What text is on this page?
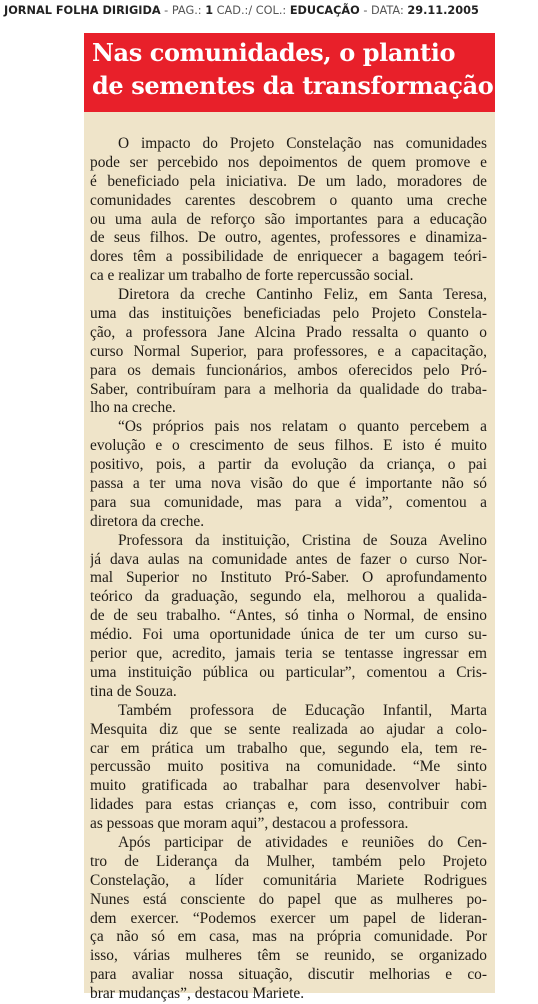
JORNAL FOLHA DIRIGIDA - PAG.: 1 CAD.:/ COL.: EDUCAÇÃO - DATA: 29.11.2005
Nas comunidades, o plantio
de sementes da transformação
O impacto do Projeto Constelação nas comunidades
pode ser percebido nos depoimentos de quem promove e
é beneficiado pela iniciativa. De um lado, moradores de
comunidades carentes descobrem o quanto uma creche
ou uma aula de reforço são importantes para a educação
de seus filhos. De outro, agentes, professores e dinamiza-
dores têm a possibilidade de enriquecer a bagagem teóri-
ca e realizar um trabalho de forte repercussão social.
Diretora da creche Cantinho Feliz, em Santa Teresa,
uma das instituições beneficiadas pelo Projeto Constela-
ção, a professora Jane Alcina Prado ressalta o quanto o
curso Normal Superior, para professores, e a capacitação,
para os demais funcionários, ambos oferecidos pelo Pró-
Saber, contribuíram para a melhoria da qualidade do traba-
lho na creche.
“Os próprios pais nos relatam o quanto percebem a
evolução e o crescimento de seus filhos. E isto é muito
positivo, pois, a partir da evolução da criança, o pai
passa a ter uma nova visão do que é importante não só
para sua comunidade, mas para a vida”, comentou a
diretora da creche.
Professora da instituição, Cristina de Souza Avelino
já dava aulas na comunidade antes de fazer o curso Nor-
mal Superior no Instituto Pró-Saber. O aprofundamento
teórico da graduação, segundo ela, melhorou a qualida-
de de seu trabalho. “Antes, só tinha o Normal, de ensino
médio. Foi uma oportunidade única de ter um curso su-
perior que, acredito, jamais teria se tentasse ingressar em
uma instituição pública ou particular”, comentou a Cris-
tina de Souza.
Também professora de Educação Infantil, Marta
Mesquita diz que se sente realizada ao ajudar a colo-
car em prática um trabalho que, segundo ela, tem re-
percussão muito positiva na comunidade. “Me sinto
muito gratificada ao trabalhar para desenvolver habi-
lidades para estas crianças e, com isso, contribuir com
as pessoas que moram aqui”, destacou a professora.
Após participar de atividades e reuniões do Cen-
tro de Liderança da Mulher, também pelo Projeto
Constelação, a líder comunitária Mariete Rodrigues
Nunes está consciente do papel que as mulheres po-
dem exercer. “Podemos exercer um papel de lideran-
ça não só em casa, mas na própria comunidade. Por
isso, várias mulheres têm se reunido, se organizado
para avaliar nossa situação, discutir melhorias e co-
brar mudanças”, destacou Mariete.
